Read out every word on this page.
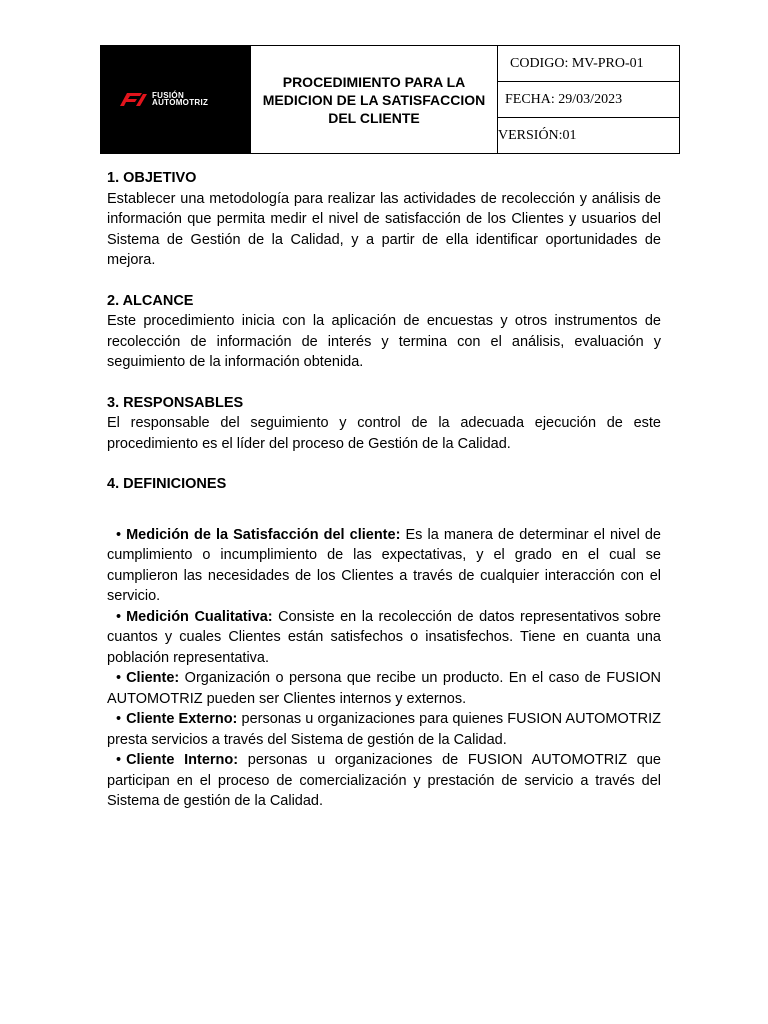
FUSIÓN
AUTOMOTRIZ

PROCEDIMIENTO PARA LA MEDICION DE LA SATISFACCION DEL CLIENTE
	CODIGO: MV-PRO-01
FECHA: 29/03/2023
VERSIÓN:01
1. OBJETIVO

Establecer una metodología para realizar las actividades de recolección y análisis de información que permita medir el nivel de satisfacción de los Clientes y usuarios del Sistema de Gestión de la Calidad, y a partir de ella identificar oportunidades de mejora.

2. ALCANCE

Este procedimiento inicia con la aplicación de encuestas y otros instrumentos de recolección de información de interés y termina con el análisis, evaluación y seguimiento de la información obtenida.

3. RESPONSABLES

El responsable del seguimiento y control de la adecuada ejecución de este procedimiento es el líder del proceso de Gestión de la Calidad.

4. DEFINICIONES
• Medición de la Satisfacción del cliente: Es la manera de determinar el nivel de cumplimiento o incumplimiento de las expectativas, y el grado en el cual se cumplieron las necesidades de los Clientes a través de cualquier interacción con el servicio.
• Medición Cualitativa: Consiste en la recolección de datos representativos sobre cuantos y cuales Clientes están satisfechos o insatisfechos. Tiene en cuanta una población representativa.
• Cliente: Organización o persona que recibe un producto. En el caso de FUSION AUTOMOTRIZ pueden ser Clientes internos y externos.
• Cliente Externo: personas u organizaciones para quienes FUSION AUTOMOTRIZ presta servicios a través del Sistema de gestión de la Calidad.
• Cliente Interno: personas u organizaciones de FUSION AUTOMOTRIZ que participan en el proceso de comercialización y prestación de servicio a través del Sistema de gestión de la Calidad.
